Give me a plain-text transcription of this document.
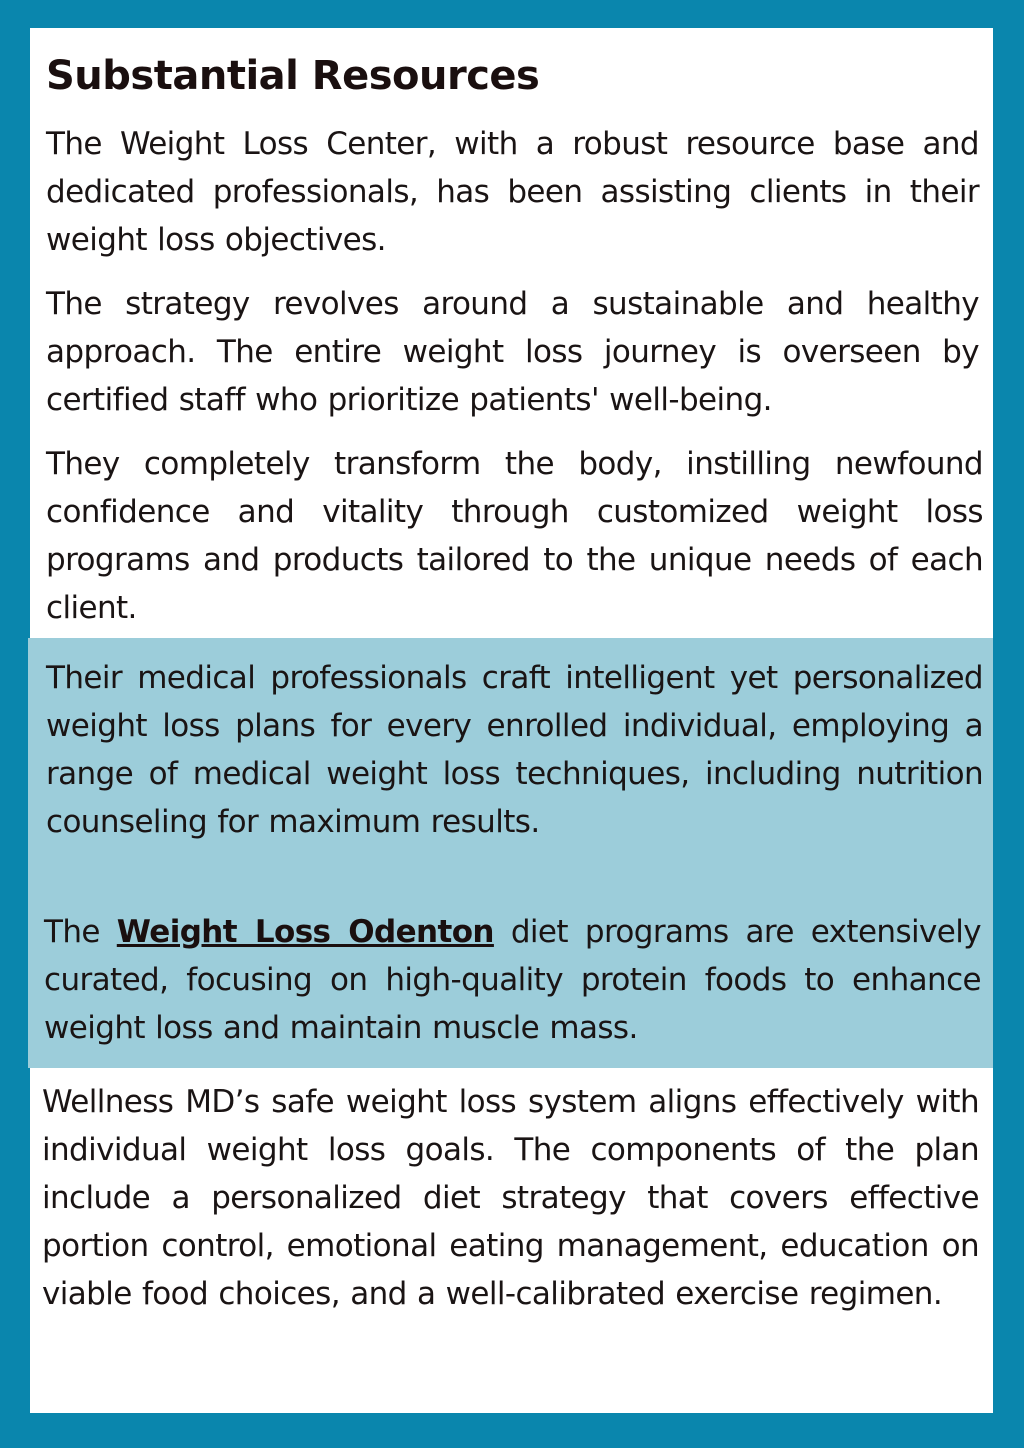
Substantial Resources

The Weight Loss Center, with a robust resource base and dedicated professionals, has been assisting clients in their weight loss objectives.

The strategy revolves around a sustainable and healthy approach. The entire weight loss journey is overseen by certified staff who prioritize patients' well-being.

They completely transform the body, instilling newfound confidence and vitality through customized weight loss programs and products tailored to the unique needs of each client.

Their medical professionals craft intelligent yet personalized weight loss plans for every enrolled individual, employing a range of medical weight loss techniques, including nutrition counseling for maximum results.

The Weight Loss Odenton diet programs are extensively curated, focusing on high-quality protein foods to enhance weight loss and maintain muscle mass.

Wellness MD’s safe weight loss system aligns effectively with individual weight loss goals. The components of the plan include a personalized diet strategy that covers effective portion control, emotional eating management, education on viable food choices, and a well-calibrated exercise regimen.
